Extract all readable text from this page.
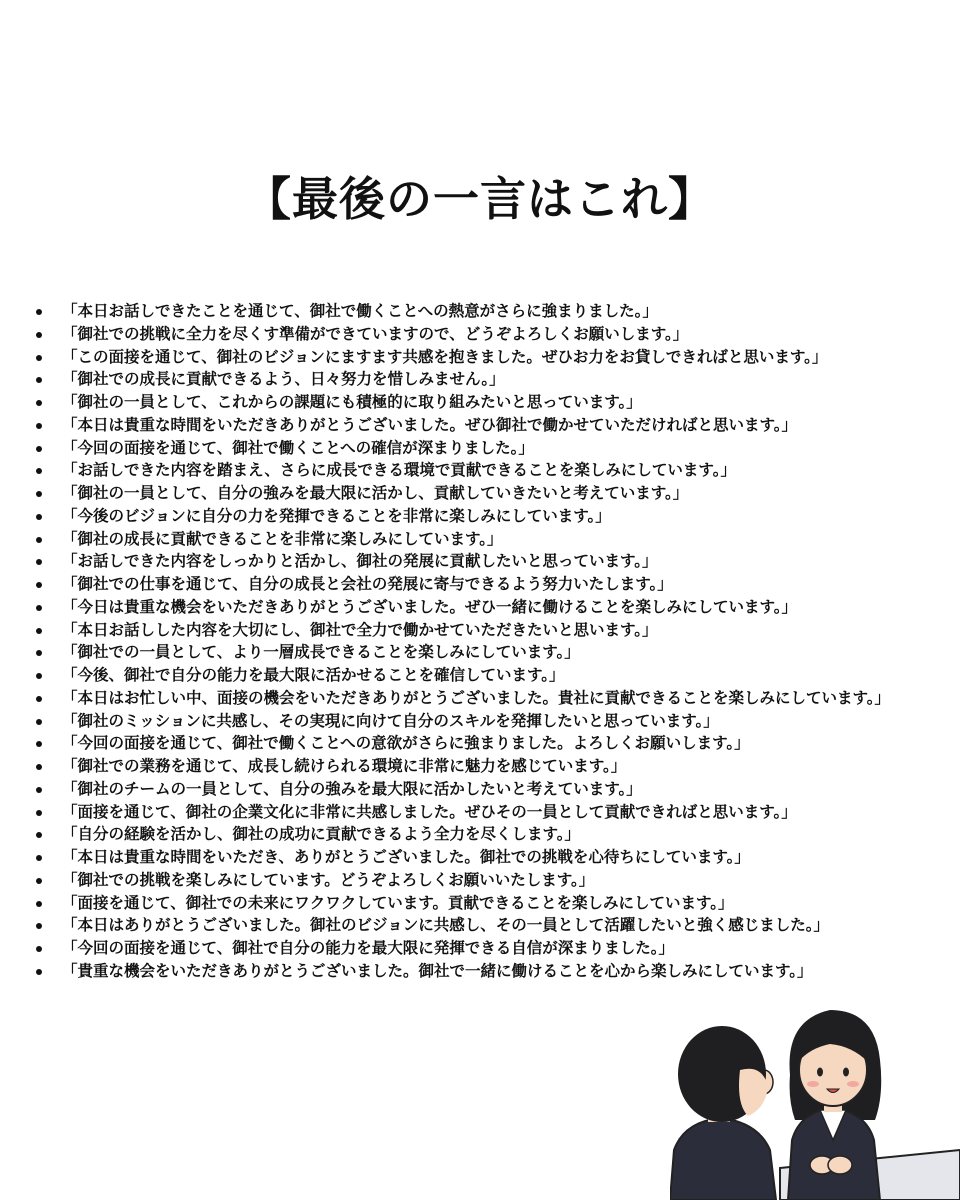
【最後の一言はこれ】
「本日お話しできたことを通じて、御社で働くことへの熱意がさらに強まりました。」
「御社での挑戦に全力を尽くす準備ができていますので、どうぞよろしくお願いします。」
「この面接を通じて、御社のビジョンにますます共感を抱きました。ぜひお力をお貸しできればと思います。」
「御社での成長に貢献できるよう、日々努力を惜しみません。」
「御社の一員として、これからの課題にも積極的に取り組みたいと思っています。」
「本日は貴重な時間をいただきありがとうございました。ぜひ御社で働かせていただければと思います。」
「今回の面接を通じて、御社で働くことへの確信が深まりました。」
「お話しできた内容を踏まえ、さらに成長できる環境で貢献できることを楽しみにしています。」
「御社の一員として、自分の強みを最大限に活かし、貢献していきたいと考えています。」
「今後のビジョンに自分の力を発揮できることを非常に楽しみにしています。」
「御社の成長に貢献できることを非常に楽しみにしています。」
「お話しできた内容をしっかりと活かし、御社の発展に貢献したいと思っています。」
「御社での仕事を通じて、自分の成長と会社の発展に寄与できるよう努力いたします。」
「今日は貴重な機会をいただきありがとうございました。ぜひ一緒に働けることを楽しみにしています。」
「本日お話しした内容を大切にし、御社で全力で働かせていただきたいと思います。」
「御社での一員として、より一層成長できることを楽しみにしています。」
「今後、御社で自分の能力を最大限に活かせることを確信しています。」
「本日はお忙しい中、面接の機会をいただきありがとうございました。貴社に貢献できることを楽しみにしています。」
「御社のミッションに共感し、その実現に向けて自分のスキルを発揮したいと思っています。」
「今回の面接を通じて、御社で働くことへの意欲がさらに強まりました。よろしくお願いします。」
「御社での業務を通じて、成長し続けられる環境に非常に魅力を感じています。」
「御社のチームの一員として、自分の強みを最大限に活かしたいと考えています。」
「面接を通じて、御社の企業文化に非常に共感しました。ぜひその一員として貢献できればと思います。」
「自分の経験を活かし、御社の成功に貢献できるよう全力を尽くします。」
「本日は貴重な時間をいただき、ありがとうございました。御社での挑戦を心待ちにしています。」
「御社での挑戦を楽しみにしています。どうぞよろしくお願いいたします。」
「面接を通じて、御社での未来にワクワクしています。貢献できることを楽しみにしています。」
「本日はありがとうございました。御社のビジョンに共感し、その一員として活躍したいと強く感じました。」
「今回の面接を通じて、御社で自分の能力を最大限に発揮できる自信が深まりました。」
「貴重な機会をいただきありがとうございました。御社で一緒に働けることを心から楽しみにしています。」
